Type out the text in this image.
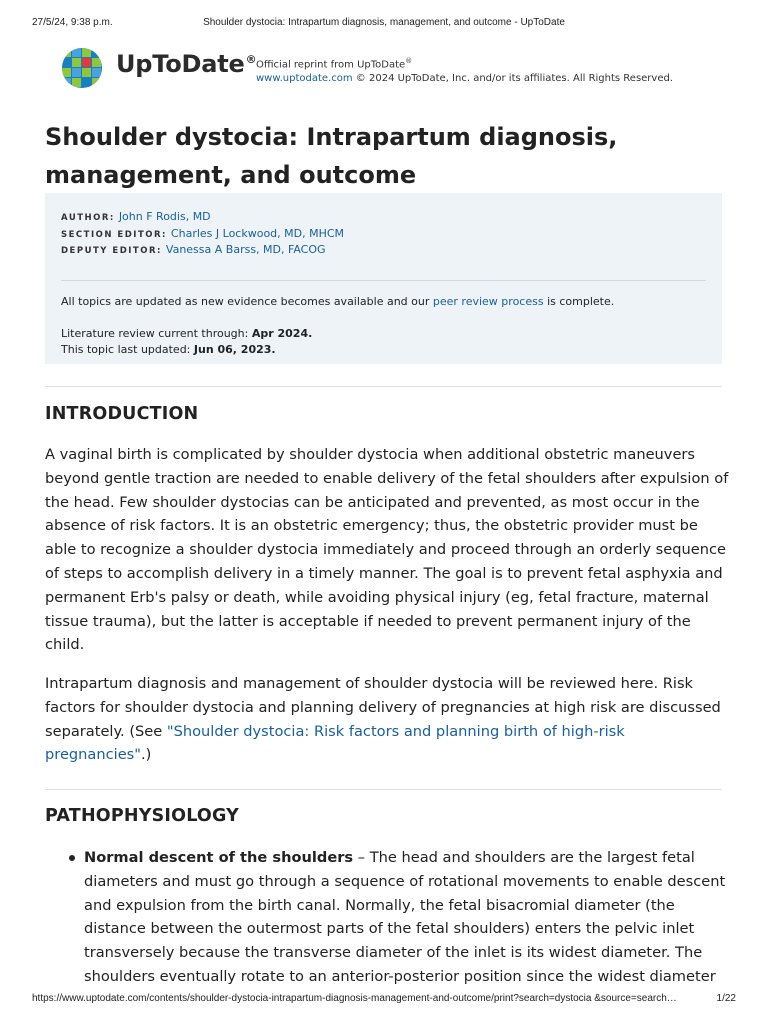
27/5/24, 9:38 p.m.	Shoulder dystocia: Intrapartum diagnosis, management, and outcome - UpToDate
UpToDate® Official reprint from UpToDate®
www.uptodate.com © 2024 UpToDate, Inc. and/or its affiliates. All Rights Reserved.
Shoulder dystocia: Intrapartum diagnosis, management, and outcome
AUTHOR: John F Rodis, MD
SECTION EDITOR: Charles J Lockwood, MD, MHCM
DEPUTY EDITOR: Vanessa A Barss, MD, FACOG

All topics are updated as new evidence becomes available and our peer review process is complete.

Literature review current through: Apr 2024.

This topic last updated: Jun 06, 2023.

INTRODUCTION

A vaginal birth is complicated by shoulder dystocia when additional obstetric maneuvers beyond gentle traction are needed to enable delivery of the fetal shoulders after expulsion of the head. Few shoulder dystocias can be anticipated and prevented, as most occur in the absence of risk factors. It is an obstetric emergency; thus, the obstetric provider must be able to recognize a shoulder dystocia immediately and proceed through an orderly sequence of steps to accomplish delivery in a timely manner. The goal is to prevent fetal asphyxia and permanent Erb's palsy or death, while avoiding physical injury (eg, fetal fracture, maternal tissue trauma), but the latter is acceptable if needed to prevent permanent injury of the child.

Intrapartum diagnosis and management of shoulder dystocia will be reviewed here. Risk factors for shoulder dystocia and planning delivery of pregnancies at high risk are discussed separately. (See "Shoulder dystocia: Risk factors and planning birth of high-risk pregnancies".)

PATHOPHYSIOLOGY
Normal descent of the shoulders – The head and shoulders are the largest fetal diameters and must go through a sequence of rotational movements to enable descent and expulsion from the birth canal. Normally, the fetal bisacromial diameter (the distance between the outermost parts of the fetal shoulders) enters the pelvic inlet transversely because the transverse diameter of the inlet is its widest diameter. The shoulders eventually rotate to an anterior-posterior position since the widest diameter
https://www.uptodate.com/contents/shoulder-dystocia-intrapartum-diagnosis-management-and-outcome/print?search=dystocia &source=search…	1/22
